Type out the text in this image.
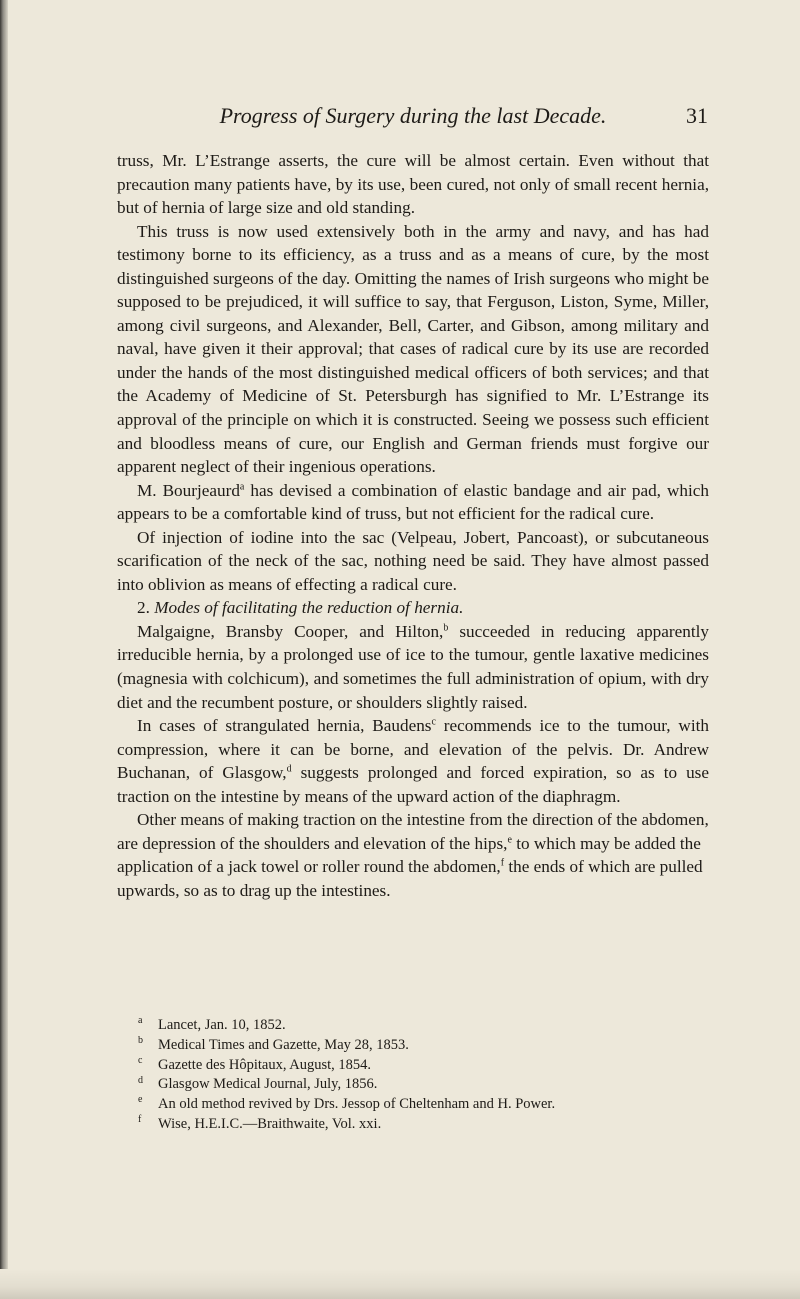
Progress of Surgery during the last Decade.	31

truss, Mr. L’Estrange asserts, the cure will be almost certain. Even without that precaution many patients have, by its use, been cured, not only of small recent hernia, but of hernia of large size and old standing.

This truss is now used extensively both in the army and navy, and has had testimony borne to its efficiency, as a truss and as a means of cure, by the most distinguished surgeons of the day. Omitting the names of Irish surgeons who might be supposed to be prejudiced, it will suffice to say, that Ferguson, Liston, Syme, Miller, among civil surgeons, and Alexander, Bell, Carter, and Gibson, among military and naval, have given it their approval; that cases of radical cure by its use are recorded under the hands of the most distinguished medical officers of both services; and that the Academy of Medicine of St. Petersburgh has signified to Mr. L’Estrange its approval of the principle on which it is constructed. Seeing we possess such efficient and bloodless means of cure, our English and German friends must forgive our apparent neglect of their ingenious operations.

M. Bourjeaurd$^a$ has devised a combination of elastic bandage and air pad, which appears to be a comfortable kind of truss, but not efficient for the radical cure.

Of injection of iodine into the sac (Velpeau, Jobert, Pancoast), or subcutaneous scarification of the neck of the sac, nothing need be said. They have almost passed into oblivion as means of effecting a radical cure.

2. Modes of facilitating the reduction of hernia.

Malgaigne, Bransby Cooper, and Hilton,$^b$ succeeded in reducing apparently irreducible hernia, by a prolonged use of ice to the tumour, gentle laxative medicines (magnesia with colchicum), and sometimes the full administration of opium, with dry diet and the recumbent posture, or shoulders slightly raised.

In cases of strangulated hernia, Baudens$^c$ recommends ice to the tumour, with compression, where it can be borne, and elevation of the pelvis. Dr. Andrew Buchanan, of Glasgow,$^d$ suggests prolonged and forced expiration, so as to use traction on the intestine by means of the upward action of the diaphragm.

Other means of making traction on the intestine from the direction of the abdomen, are depression of the shoulders and elevation of the hips,$^e$ to which may be added the application of a jack towel or roller round the abdomen,$^f$ the ends of which are pulled upwards, so as to drag up the intestines.

a Lancet, Jan. 10, 1852.
b Medical Times and Gazette, May 28, 1853.
c Gazette des Hôpitaux, August, 1854.
d Glasgow Medical Journal, July, 1856.
e An old method revived by Drs. Jessop of Cheltenham and H. Power.
f Wise, H.E.I.C.—Braithwaite, Vol. xxi.
